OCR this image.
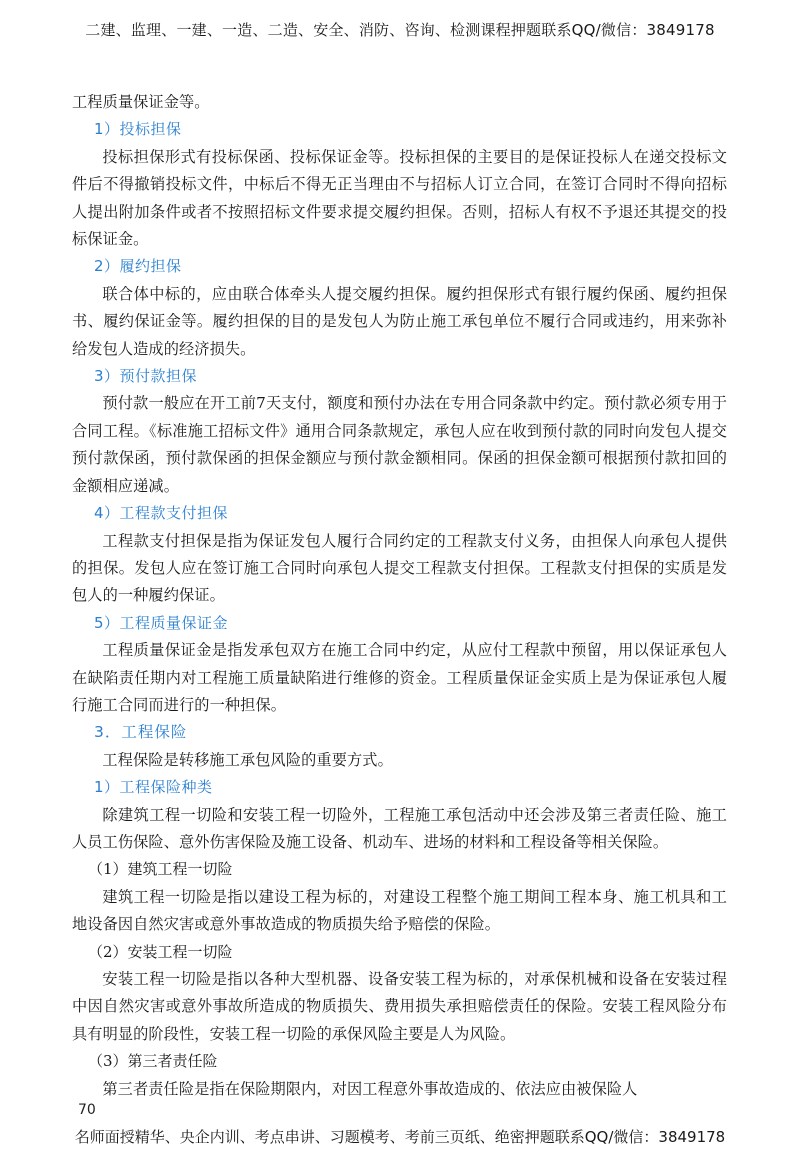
二建、监理、一建、一造、二造、安全、消防、咨询、检测课程押题联系QQ/微信：3849178

工程质量保证金等。

1）投标担保

投标担保形式有投标保函、投标保证金等。投标担保的主要目的是保证投标人在递交投标文件后不得撤销投标文件，中标后不得无正当理由不与招标人订立合同，在签订合同时不得向招标人提出附加条件或者不按照招标文件要求提交履约担保。否则，招标人有权不予退还其提交的投标保证金。

2）履约担保

联合体中标的，应由联合体牵头人提交履约担保。履约担保形式有银行履约保函、履约担保书、履约保证金等。履约担保的目的是发包人为防止施工承包单位不履行合同或违约，用来弥补给发包人造成的经济损失。

3）预付款担保

预付款一般应在开工前7天支付，额度和预付办法在专用合同条款中约定。预付款必须专用于合同工程。《标准施工招标文件》通用合同条款规定，承包人应在收到预付款的同时向发包人提交预付款保函，预付款保函的担保金额应与预付款金额相同。保函的担保金额可根据预付款扣回的金额相应递减。

4）工程款支付担保

工程款支付担保是指为保证发包人履行合同约定的工程款支付义务，由担保人向承包人提供的担保。发包人应在签订施工合同时向承包人提交工程款支付担保。工程款支付担保的实质是发包人的一种履约保证。

5）工程质量保证金

工程质量保证金是指发承包双方在施工合同中约定，从应付工程款中预留，用以保证承包人在缺陷责任期内对工程施工质量缺陷进行维修的资金。工程质量保证金实质上是为保证承包人履行施工合同而进行的一种担保。

3．工程保险

工程保险是转移施工承包风险的重要方式。

1）工程保险种类

除建筑工程一切险和安装工程一切险外，工程施工承包活动中还会涉及第三者责任险、施工人员工伤保险、意外伤害保险及施工设备、机动车、进场的材料和工程设备等相关保险。

（1）建筑工程一切险

建筑工程一切险是指以建设工程为标的，对建设工程整个施工期间工程本身、施工机具和工地设备因自然灾害或意外事故造成的物质损失给予赔偿的保险。

（2）安装工程一切险

安装工程一切险是指以各种大型机器、设备安装工程为标的，对承保机械和设备在安装过程中因自然灾害或意外事故所造成的物质损失、费用损失承担赔偿责任的保险。安装工程风险分布具有明显的阶段性，安装工程一切险的承保风险主要是人为风险。

（3）第三者责任险

第三者责任险是指在保险期限内，对因工程意外事故造成的、依法应由被保险人

70
名师面授精华、央企内训、考点串讲、习题模考、考前三页纸、绝密押题联系QQ/微信：3849178
